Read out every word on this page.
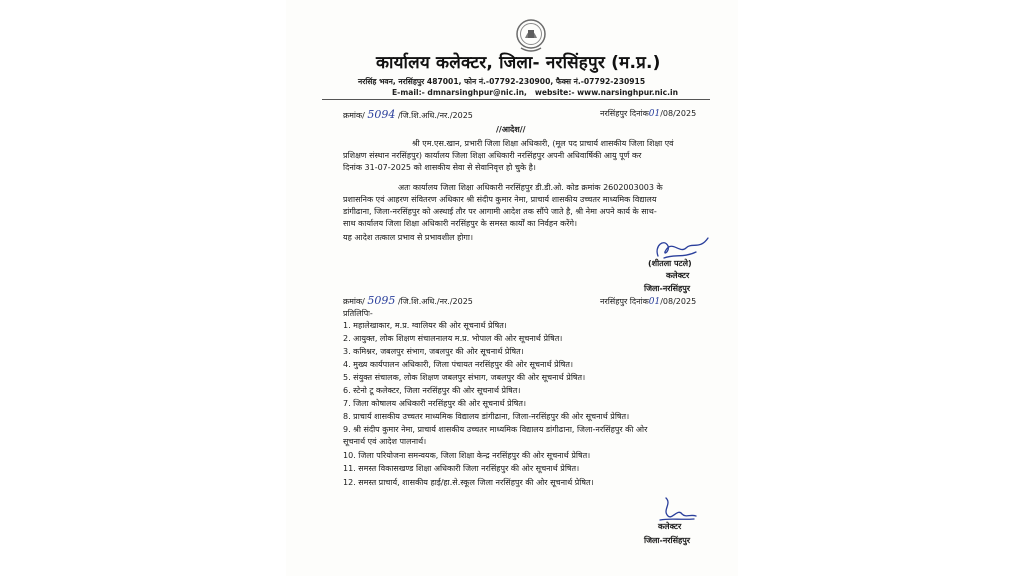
कार्यालय कलेक्टर, जिला- नरसिंहपुर (म.प्र.)
नरसिंह भवन, नरसिंहपुर 487001, फोन नं.-07792-230900, फैक्स नं.-07792-230915
E-mail:- dmnarsinghpur@nic.in, website:- www.narsinghpur.nic.in
क्रमांक/ 5094 /जि.शि.अधि./नर./2025	नरसिंहपुर दिनांक01/08/2025
//आदेश//
श्री एम.एस.खान, प्रभारी जिला शिक्षा अधिकारी, (मूल पद प्राचार्य शासकीय जिला शिक्षा एवं
प्रशिक्षण संस्थान नरसिंहपुर) कार्यालय जिला शिक्षा अधिकारी नरसिंहपुर अपनी अधिवार्षिकी आयु पूर्ण कर
दिनांक 31-07-2025 को शासकीय सेवा से सेवानिवृत्त हो चुके है।
अतः कार्यालय जिला शिक्षा अधिकारी नरसिंहपुर डी.डी.ओ. कोड क्रमांक 2602003003 के
प्रशासनिक एवं आहरण संवितरण अधिकार श्री संदीप कुमार नेमा, प्राचार्य शासकीय उच्चतर माध्यमिक विद्यालय
डांगीढाना, जिला-नरसिंहपुर को अस्थाई तौर पर आगामी आदेश तक सौंपे जाते है, श्री नेमा अपने कार्य के साथ-
साथ कार्यालय जिला शिक्षा अधिकारी नरसिंहपुर के समस्त कार्यों का निर्वहन करेंगे।
यह आदेश तत्काल प्रभाव से प्रभावशील होगा।
(शीतला पटले)
कलेक्टर
जिला-नरसिंहपुर
क्रमांक/ 5095 /जि.शि.अधि./नर./2025	नरसिंहपुर दिनांक01/08/2025
प्रतिलिपिः-
1. महालेखाकार, म.प्र. ग्वालियर की ओर सूचनार्थ प्रेषित।
2. आयुक्त, लोक शिक्षण संचालनालय म.प्र. भोपाल की ओर सूचनार्थ प्रेषित।
3. कमिश्नर, जबलपुर संभाग, जबलपुर की ओर सूचनार्थ प्रेषित।
4. मुख्य कार्यपालन अधिकारी, जिला पंचायत नरसिंहपुर की ओर सूचनार्थ प्रेषित।
5. संयुक्त संचालक, लोक शिक्षण जबलपुर संभाग, जबलपुर की ओर सूचनार्थ प्रेषित।
6. स्टेनो टू कलेक्टर, जिला नरसिंहपुर की ओर सूचनार्थ प्रेषित।
7. जिला कोषालय अधिकारी नरसिंहपुर की ओर सूचनार्थ प्रेषित।
8. प्राचार्य शासकीय उच्चतर माध्यमिक विद्यालय डांगीढाना, जिला-नरसिंहपुर की ओर सूचनार्थ प्रेषित।
9. श्री संदीप कुमार नेमा, प्राचार्य शासकीय उच्चतर माध्यमिक विद्यालय डांगीढाना, जिला-नरसिंहपुर की ओर
सूचनार्थ एवं आदेश पालनार्थ।
10. जिला परियोजना समन्वयक, जिला शिक्षा केन्द्र नरसिंहपुर की ओर सूचनार्थ प्रेषित।
11. समस्त विकासखण्ड शिक्षा अधिकारी जिला नरसिंहपुर की ओर सूचनार्थ प्रेषित।
12. समस्त प्राचार्य, शासकीय हाई/हा.से.स्कूल जिला नरसिंहपुर की ओर सूचनार्थ प्रेषित।
कलेक्टर
जिला-नरसिंहपुर
